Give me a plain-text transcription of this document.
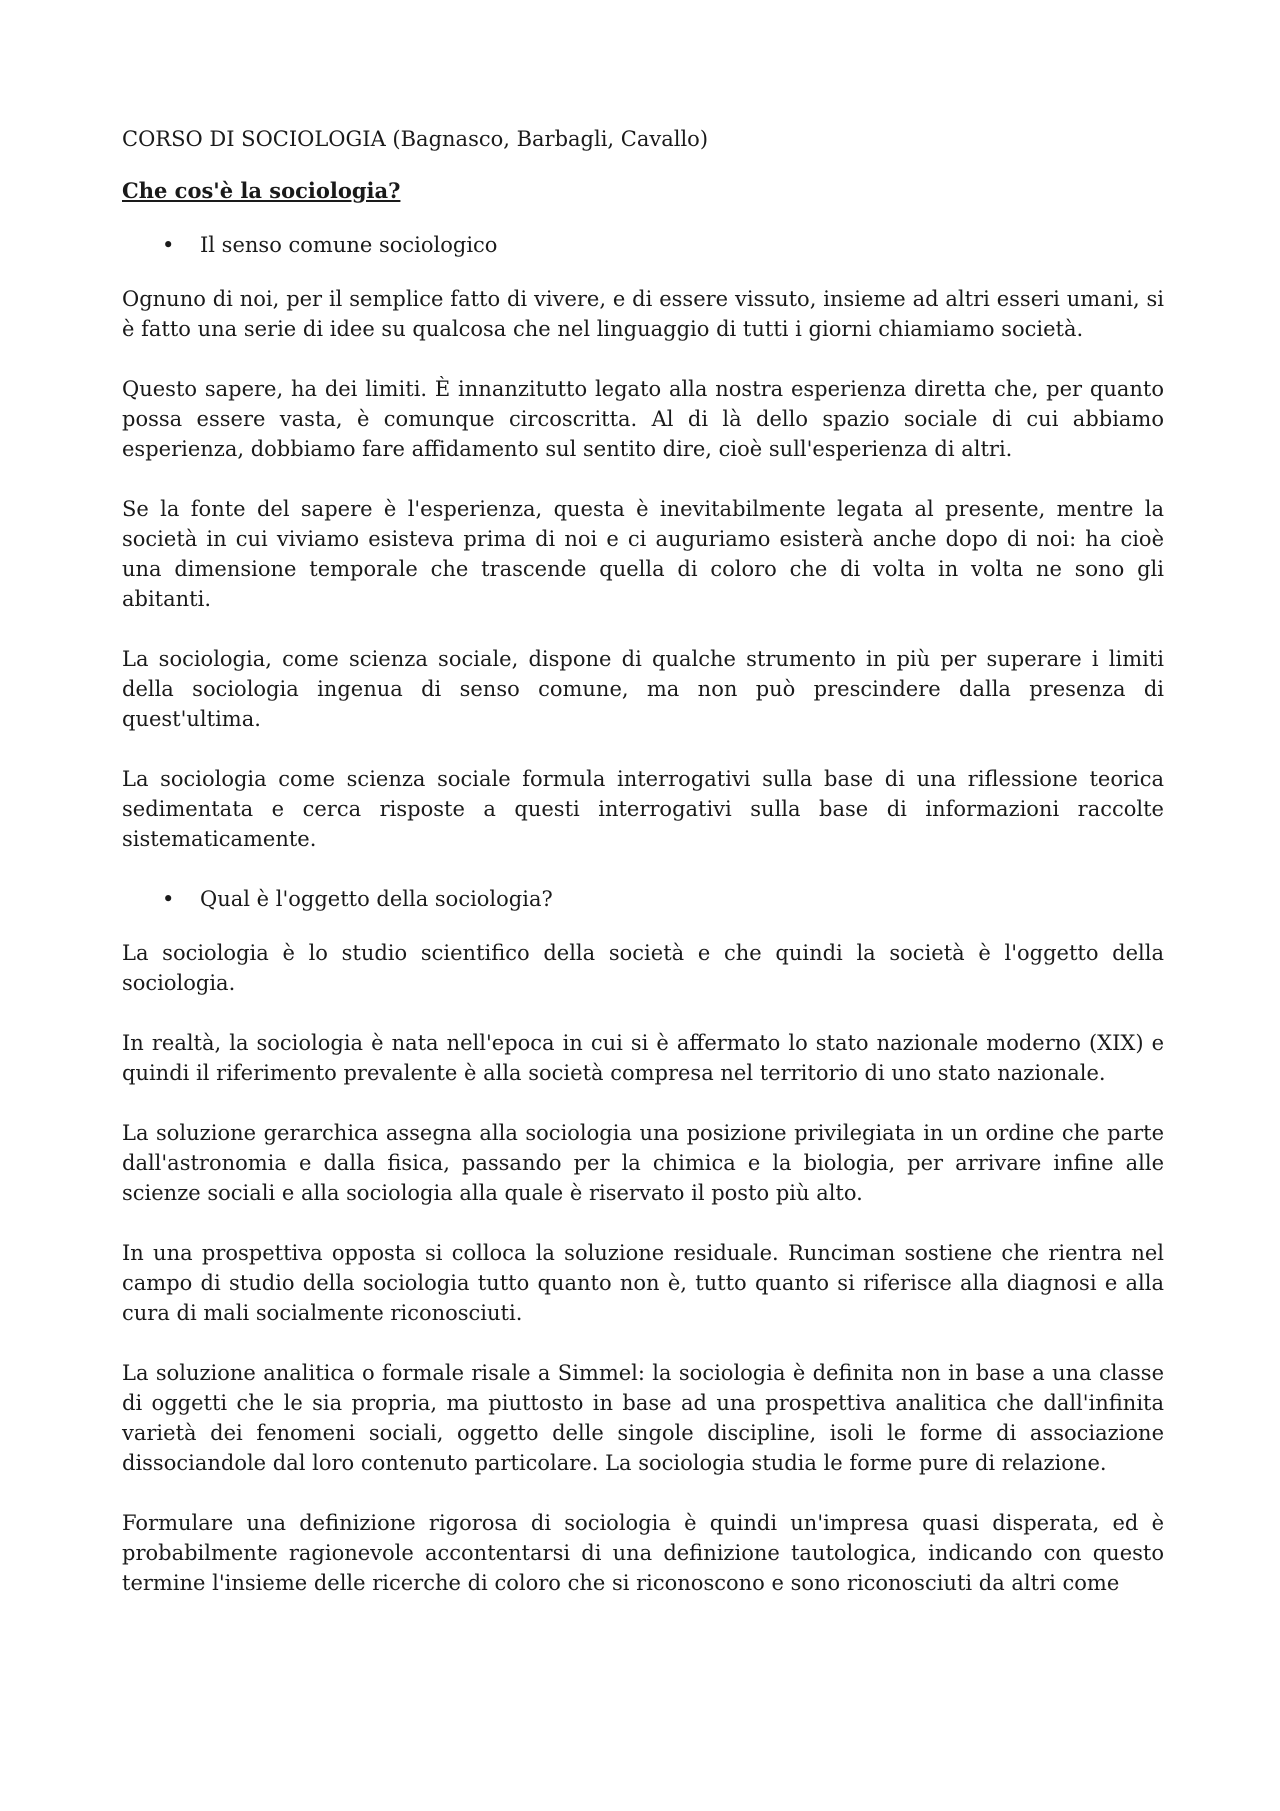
CORSO DI SOCIOLOGIA (Bagnasco, Barbagli, Cavallo)
Che cos'è la sociologia?
• Il senso comune sociologico

Ognuno di noi, per il semplice fatto di vivere, e di essere vissuto, insieme ad altri esseri umani, si è fatto una serie di idee su qualcosa che nel linguaggio di tutti i giorni chiamiamo società.

Questo sapere, ha dei limiti. È innanzitutto legato alla nostra esperienza diretta che, per quanto possa essere vasta, è comunque circoscritta. Al di là dello spazio sociale di cui abbiamo esperienza, dobbiamo fare affidamento sul sentito dire, cioè sull'esperienza di altri.

Se la fonte del sapere è l'esperienza, questa è inevitabilmente legata al presente, mentre la società in cui viviamo esisteva prima di noi e ci auguriamo esisterà anche dopo di noi: ha cioè una dimensione temporale che trascende quella di coloro che di volta in volta ne sono gli abitanti.

La sociologia, come scienza sociale, dispone di qualche strumento in più per superare i limiti della sociologia ingenua di senso comune, ma non può prescindere dalla presenza di quest'ultima.

La sociologia come scienza sociale formula interrogativi sulla base di una riflessione teorica sedimentata e cerca risposte a questi interrogativi sulla base di informazioni raccolte sistematicamente.

• Qual è l'oggetto della sociologia?

La sociologia è lo studio scientifico della società e che quindi la società è l'oggetto della sociologia.

In realtà, la sociologia è nata nell'epoca in cui si è affermato lo stato nazionale moderno (XIX) e quindi il riferimento prevalente è alla società compresa nel territorio di uno stato nazionale.

La soluzione gerarchica assegna alla sociologia una posizione privilegiata in un ordine che parte dall'astronomia e dalla fisica, passando per la chimica e la biologia, per arrivare infine alle scienze sociali e alla sociologia alla quale è riservato il posto più alto.

In una prospettiva opposta si colloca la soluzione residuale. Runciman sostiene che rientra nel campo di studio della sociologia tutto quanto non è, tutto quanto si riferisce alla diagnosi e alla cura di mali socialmente riconosciuti.

La soluzione analitica o formale risale a Simmel: la sociologia è definita non in base a una classe di oggetti che le sia propria, ma piuttosto in base ad una prospettiva analitica che dall'infinita varietà dei fenomeni sociali, oggetto delle singole discipline, isoli le forme di associazione dissociandole dal loro contenuto particolare. La sociologia studia le forme pure di relazione.

Formulare una definizione rigorosa di sociologia è quindi un'impresa quasi disperata, ed è probabilmente ragionevole accontentarsi di una definizione tautologica, indicando con questo termine l'insieme delle ricerche di coloro che si riconoscono e sono riconosciuti da altri come
